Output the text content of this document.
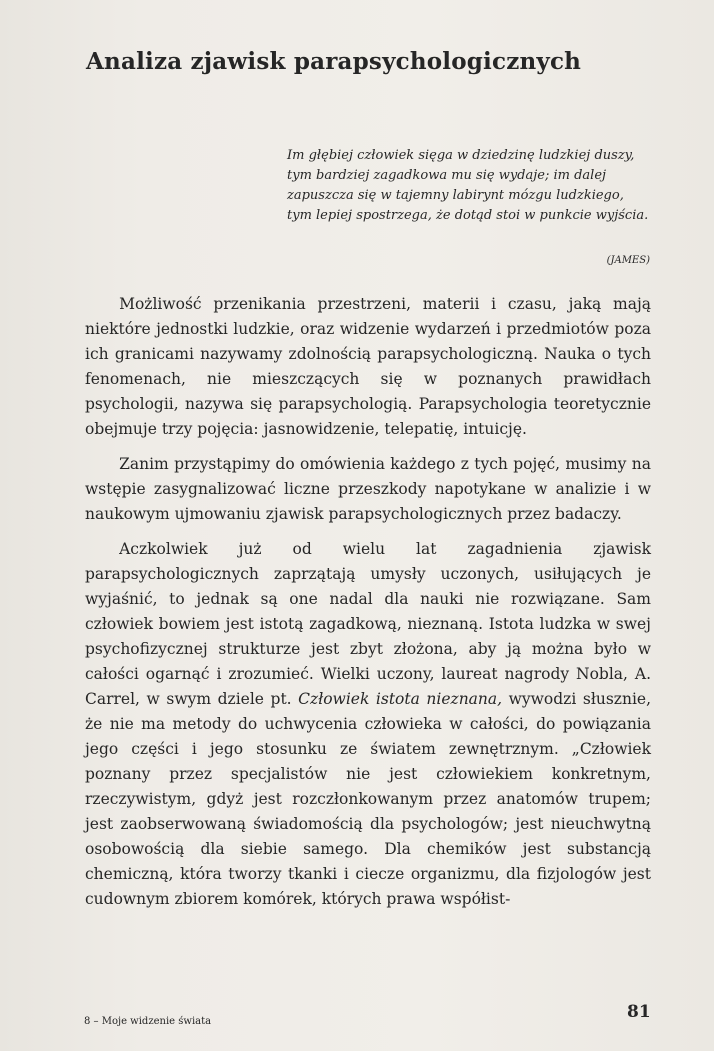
Analiza zjawisk parapsychologicznych

Im głębiej człowiek sięga w dziedzinę ludzkiej duszy, tym bardziej zagadkowa mu się wydaje; im dalej zapuszcza się w tajemny labirynt mózgu ludzkiego, tym lepiej spostrzega, że dotąd stoi w punkcie wyjścia.

(JAMES)

Możliwość przenikania przestrzeni, materii i czasu, jaką mają niektóre jednostki ludzkie, oraz widzenie wydarzeń i przedmiotów poza ich granicami nazywamy zdolnością parapsychologiczną. Nauka o tych fenomenach, nie mieszczących się w poznanych prawidłach psychologii, nazywa się parapsychologią. Parapsychologia teoretycznie obejmuje trzy pojęcia: jasnowidzenie, telepatię, intuicję.

Zanim przystąpimy do omówienia każdego z tych pojęć, musimy na wstępie zasygnalizować liczne przeszkody napotykane w analizie i w naukowym ujmowaniu zjawisk parapsychologicznych przez badaczy.

Aczkolwiek już od wielu lat zagadnienia zjawisk parapsychologicznych zaprzątają umysły uczonych, usiłujących je wyjaśnić, to jednak są one nadal dla nauki nie rozwiązane. Sam człowiek bowiem jest istotą zagadkową, nieznaną. Istota ludzka w swej psychofizycznej strukturze jest zbyt złożona, aby ją można było w całości ogarnąć i zrozumieć. Wielki uczony, laureat nagrody Nobla, A. Carrel, w swym dziele pt. Człowiek istota nieznana, wywodzi słusznie, że nie ma metody do uchwycenia człowieka w całości, do powiązania jego części i jego stosunku ze światem zewnętrznym. „Człowiek poznany przez specjalistów nie jest człowiekiem konkretnym, rzeczywistym, gdyż jest rozczłonkowanym przez anatomów trupem; jest zaobserwowaną świadomością dla psychologów; jest nieuchwytną osobowością dla siebie samego. Dla chemików jest substancją chemiczną, która tworzy tkanki i ciecze organizmu, dla fizjologów jest cudownym zbiorem komórek, których prawa współist-

8 – Moje widzenie świata	81
